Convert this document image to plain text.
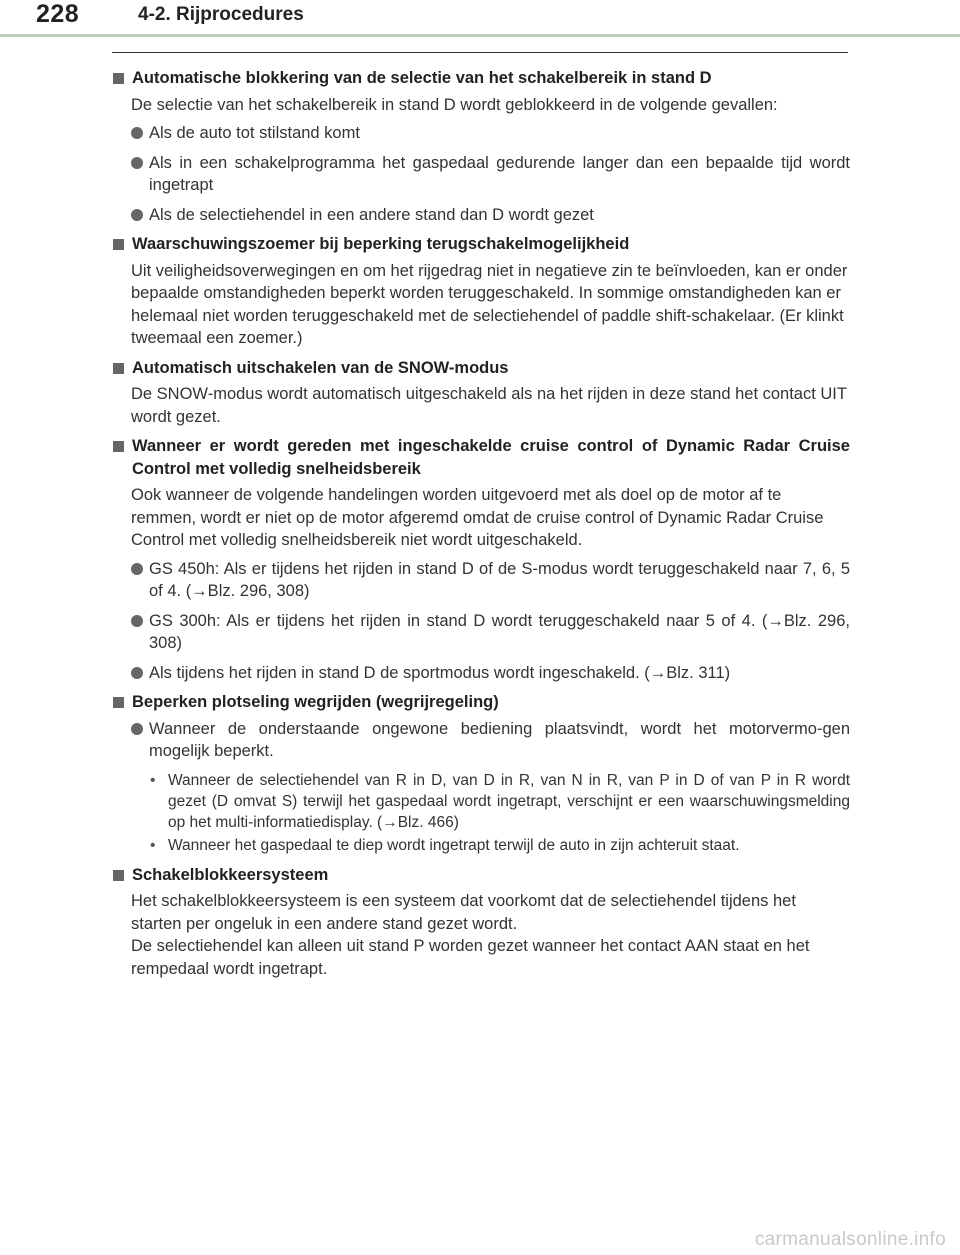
228	4-2. Rijprocedures
Automatische blokkering van de selectie van het schakelbereik in stand D
De selectie van het schakelbereik in stand D wordt geblokkeerd in de volgende gevallen:
Als de auto tot stilstand komt
Als in een schakelprogramma het gaspedaal gedurende langer dan een bepaalde tijd wordt ingetrapt
Als de selectiehendel in een andere stand dan D wordt gezet
Waarschuwingszoemer bij beperking terugschakelmogelijkheid
Uit veiligheidsoverwegingen en om het rijgedrag niet in negatieve zin te beïnvloeden, kan er onder bepaalde omstandigheden beperkt worden teruggeschakeld. In sommige omstandigheden kan er helemaal niet worden teruggeschakeld met de selectiehendel of paddle shift-schakelaar. (Er klinkt tweemaal een zoemer.)
Automatisch uitschakelen van de SNOW-modus
De SNOW-modus wordt automatisch uitgeschakeld als na het rijden in deze stand het contact UIT wordt gezet.
Wanneer er wordt gereden met ingeschakelde cruise control of Dynamic Radar Cruise Control met volledig snelheidsbereik
Ook wanneer de volgende handelingen worden uitgevoerd met als doel op de motor af te remmen, wordt er niet op de motor afgeremd omdat de cruise control of Dynamic Radar Cruise Control met volledig snelheidsbereik niet wordt uitgeschakeld.
GS 450h: Als er tijdens het rijden in stand D of de S-modus wordt teruggeschakeld naar 7, 6, 5 of 4. (→Blz. 296, 308)
GS 300h: Als er tijdens het rijden in stand D wordt teruggeschakeld naar 5 of 4. (→Blz. 296, 308)
Als tijdens het rijden in stand D de sportmodus wordt ingeschakeld. (→Blz. 311)
Beperken plotseling wegrijden (wegrijregeling)
Wanneer de onderstaande ongewone bediening plaatsvindt, wordt het motorvermo-gen mogelijk beperkt.
• Wanneer de selectiehendel van R in D, van D in R, van N in R, van P in D of van P in R wordt gezet (D omvat S) terwijl het gaspedaal wordt ingetrapt, verschijnt er een waarschuwingsmelding op het multi-informatiedisplay. (→Blz. 466)
• Wanneer het gaspedaal te diep wordt ingetrapt terwijl de auto in zijn achteruit staat.
Schakelblokkeersysteem
Het schakelblokkeersysteem is een systeem dat voorkomt dat de selectiehendel tijdens het starten per ongeluk in een andere stand gezet wordt.
De selectiehendel kan alleen uit stand P worden gezet wanneer het contact AAN staat en het rempedaal wordt ingetrapt.
carmanualsonline.info
